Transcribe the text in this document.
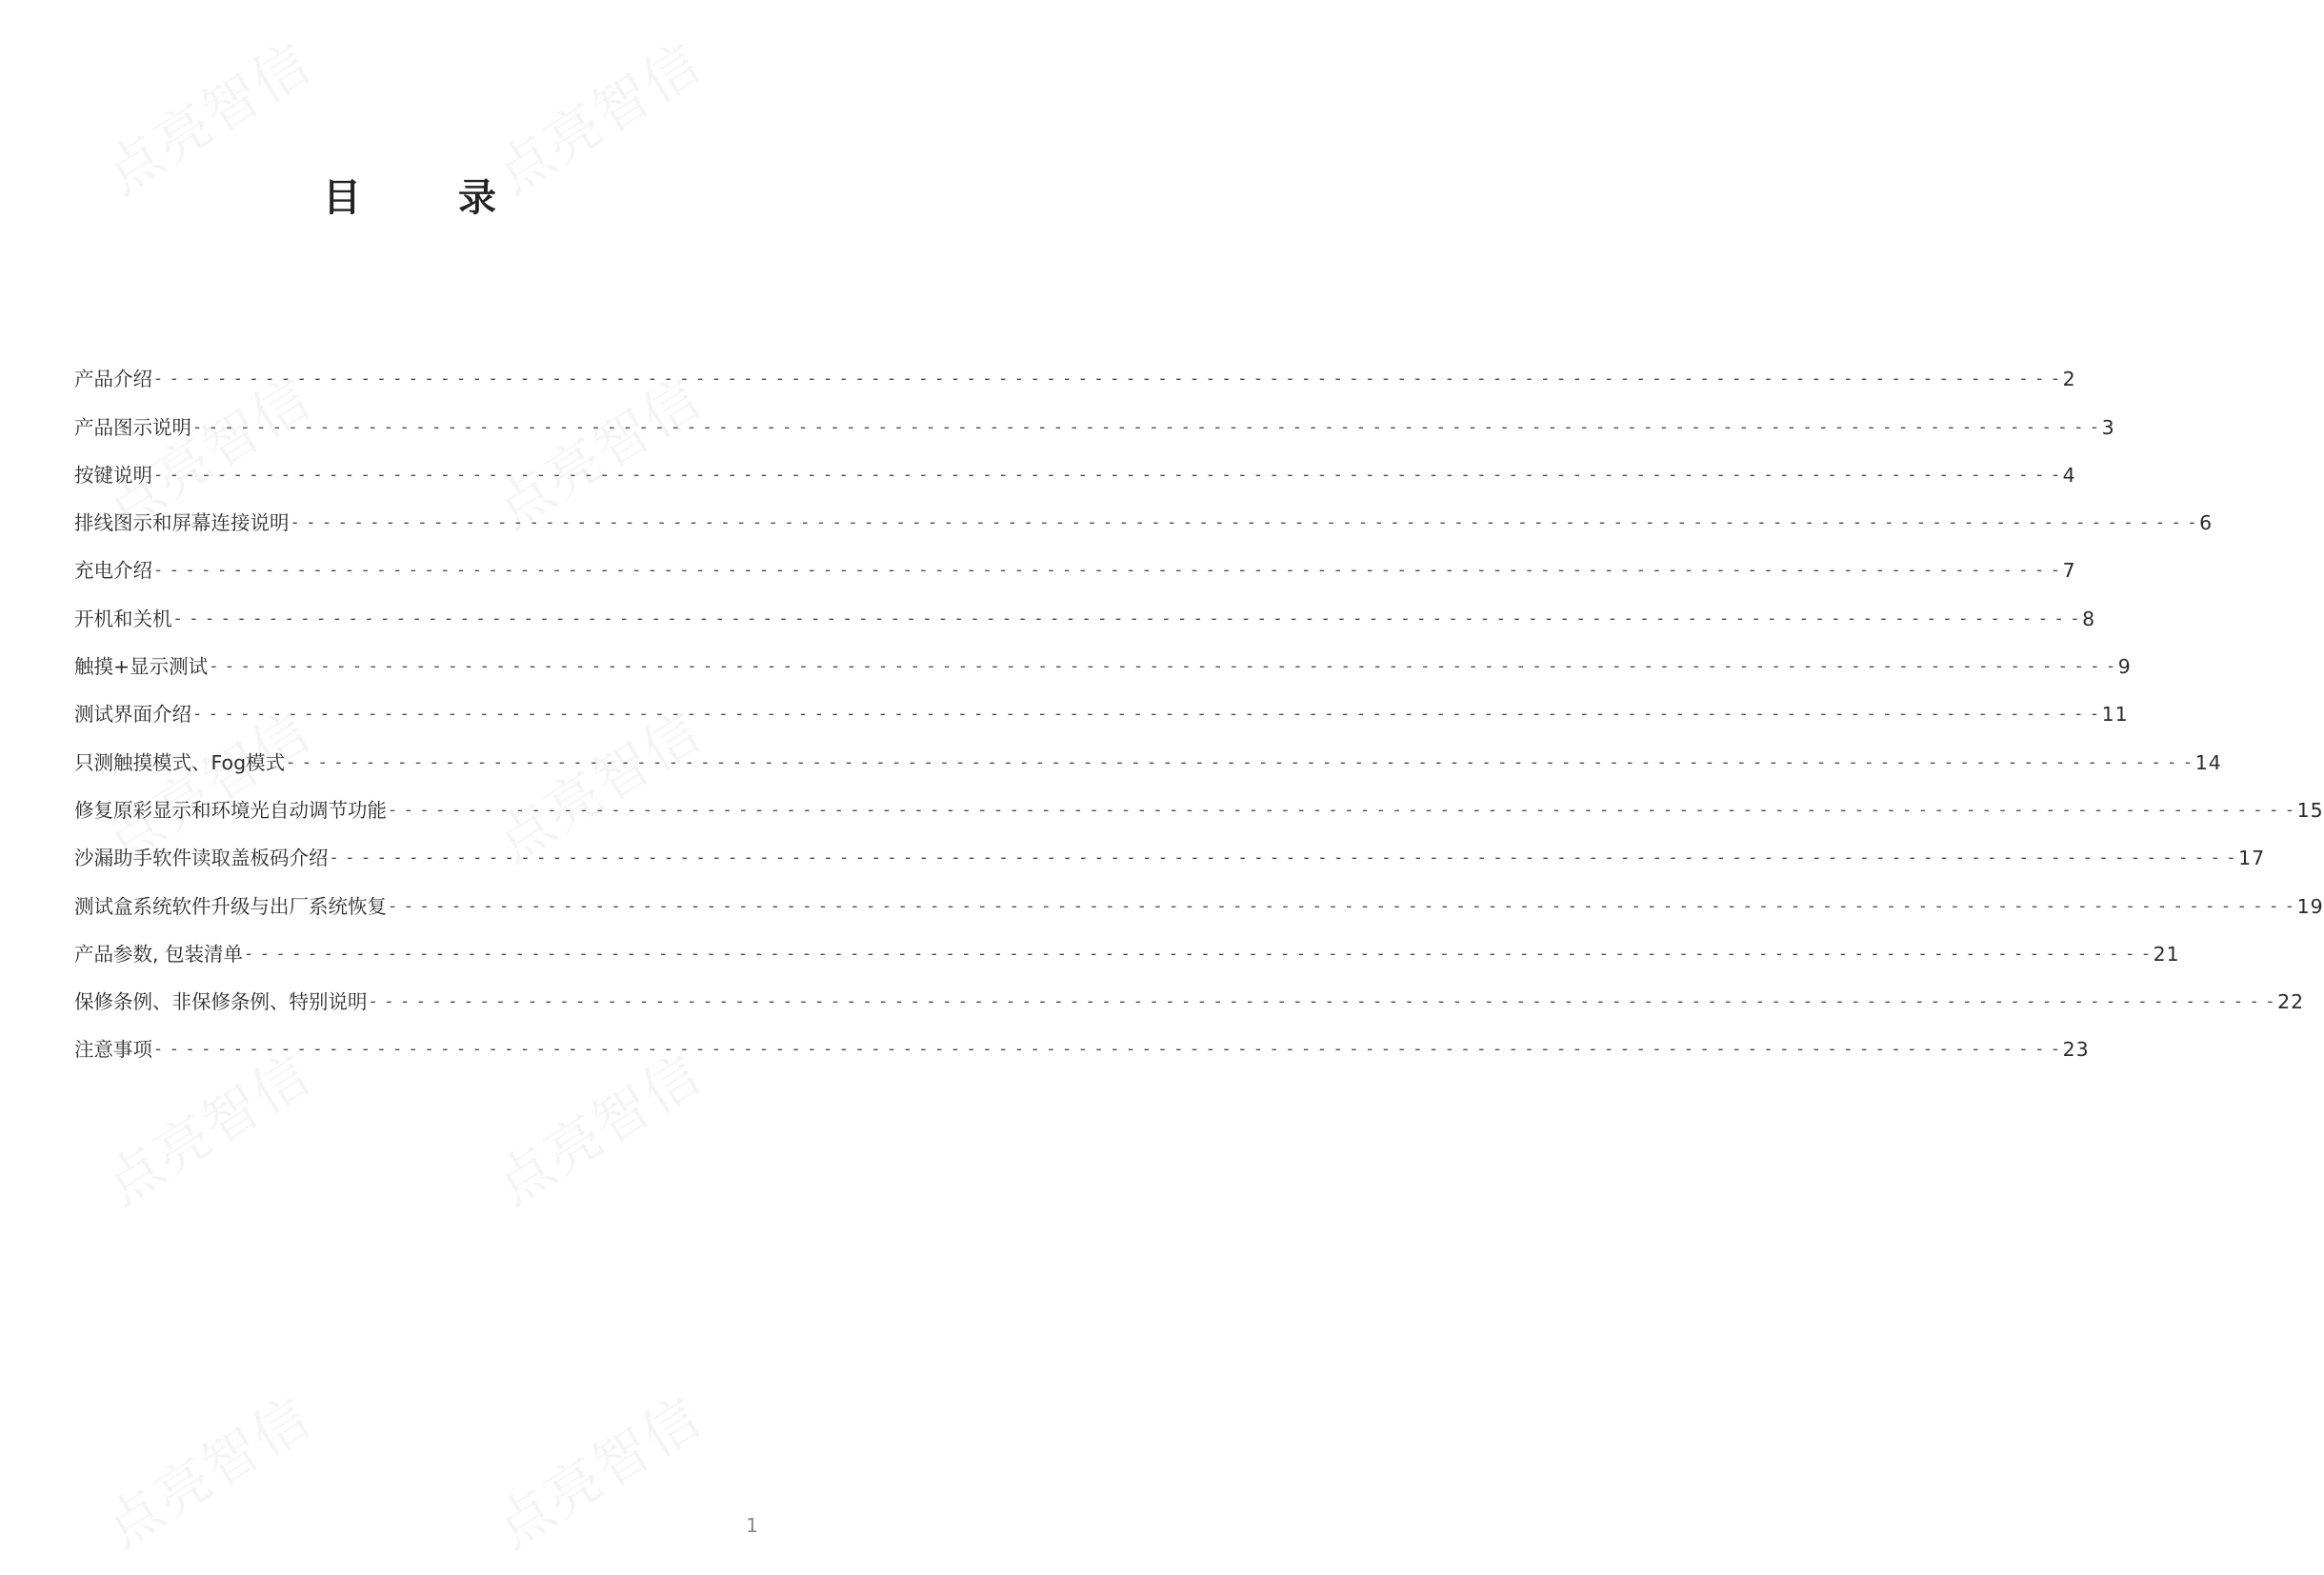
目 录
产品介绍 - - - - - - - - - - - - - - - - - - - - - - - - - - - - - - - - - - - - - - - - - - - - - - - - - - - - - - - - - - - - - - - - - - - - - - - - - - - - - - - - - - - - - - - - - - - - - - - - - - - - - - - - - - - - - - - - - - - - - - - - 2
产品图示说明 - - - - - - - - - - - - - - - - - - - - - - - - - - - - - - - - - - - - - - - - - - - - - - - - - - - - - - - - - - - - - - - - - - - - - - - - - - - - - - - - - - - - - - - - - - - - - - - - - - - - - - - - - - - - - - - - - - - - - - - - 3
按键说明 - - - - - - - - - - - - - - - - - - - - - - - - - - - - - - - - - - - - - - - - - - - - - - - - - - - - - - - - - - - - - - - - - - - - - - - - - - - - - - - - - - - - - - - - - - - - - - - - - - - - - - - - - - - - - - - - - - - - - - - - 4
排线图示和屏幕连接说明 - - - - - - - - - - - - - - - - - - - - - - - - - - - - - - - - - - - - - - - - - - - - - - - - - - - - - - - - - - - - - - - - - - - - - - - - - - - - - - - - - - - - - - - - - - - - - - - - - - - - - - - - - - - - - - - - - - - - - - - - 6
充电介绍 - - - - - - - - - - - - - - - - - - - - - - - - - - - - - - - - - - - - - - - - - - - - - - - - - - - - - - - - - - - - - - - - - - - - - - - - - - - - - - - - - - - - - - - - - - - - - - - - - - - - - - - - - - - - - - - - - - - - - - - - 7
开机和关机 - - - - - - - - - - - - - - - - - - - - - - - - - - - - - - - - - - - - - - - - - - - - - - - - - - - - - - - - - - - - - - - - - - - - - - - - - - - - - - - - - - - - - - - - - - - - - - - - - - - - - - - - - - - - - - - - - - - - - - - - 8
触摸+显示测试 - - - - - - - - - - - - - - - - - - - - - - - - - - - - - - - - - - - - - - - - - - - - - - - - - - - - - - - - - - - - - - - - - - - - - - - - - - - - - - - - - - - - - - - - - - - - - - - - - - - - - - - - - - - - - - - - - - - - - - - - 9
测试界面介绍 - - - - - - - - - - - - - - - - - - - - - - - - - - - - - - - - - - - - - - - - - - - - - - - - - - - - - - - - - - - - - - - - - - - - - - - - - - - - - - - - - - - - - - - - - - - - - - - - - - - - - - - - - - - - - - - - - - - - - - - - 11
只测触摸模式、Fog模式 - - - - - - - - - - - - - - - - - - - - - - - - - - - - - - - - - - - - - - - - - - - - - - - - - - - - - - - - - - - - - - - - - - - - - - - - - - - - - - - - - - - - - - - - - - - - - - - - - - - - - - - - - - - - - - - - - - - - - - - - 14
修复原彩显示和环境光自动调节功能 - - - - - - - - - - - - - - - - - - - - - - - - - - - - - - - - - - - - - - - - - - - - - - - - - - - - - - - - - - - - - - - - - - - - - - - - - - - - - - - - - - - - - - - - - - - - - - - - - - - - - - - - - - - - - - - - - - - - - - - - 15
沙漏助手软件读取盖板码介绍 - - - - - - - - - - - - - - - - - - - - - - - - - - - - - - - - - - - - - - - - - - - - - - - - - - - - - - - - - - - - - - - - - - - - - - - - - - - - - - - - - - - - - - - - - - - - - - - - - - - - - - - - - - - - - - - - - - - - - - - - 17
测试盒系统软件升级与出厂系统恢复 - - - - - - - - - - - - - - - - - - - - - - - - - - - - - - - - - - - - - - - - - - - - - - - - - - - - - - - - - - - - - - - - - - - - - - - - - - - - - - - - - - - - - - - - - - - - - - - - - - - - - - - - - - - - - - - - - - - - - - - - 19
产品参数, 包装清单 - - - - - - - - - - - - - - - - - - - - - - - - - - - - - - - - - - - - - - - - - - - - - - - - - - - - - - - - - - - - - - - - - - - - - - - - - - - - - - - - - - - - - - - - - - - - - - - - - - - - - - - - - - - - - - - - - - - - - - - - 21
保修条例、非保修条例、特别说明 - - - - - - - - - - - - - - - - - - - - - - - - - - - - - - - - - - - - - - - - - - - - - - - - - - - - - - - - - - - - - - - - - - - - - - - - - - - - - - - - - - - - - - - - - - - - - - - - - - - - - - - - - - - - - - - - - - - - - - - - 22
注意事项 - - - - - - - - - - - - - - - - - - - - - - - - - - - - - - - - - - - - - - - - - - - - - - - - - - - - - - - - - - - - - - - - - - - - - - - - - - - - - - - - - - - - - - - - - - - - - - - - - - - - - - - - - - - - - - - - - - - - - - - - 23
1
